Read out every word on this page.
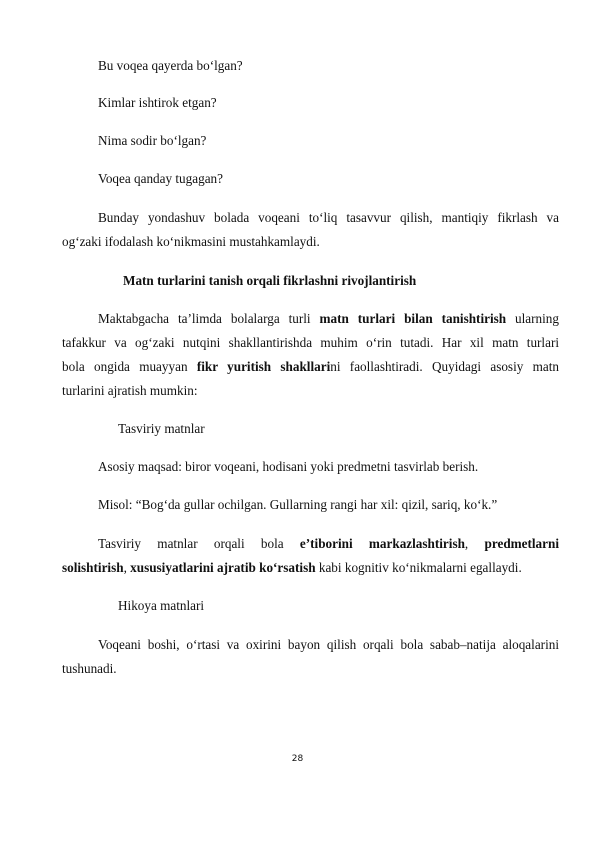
Bu voqea qayerda bo‘lgan?
Kimlar ishtirok etgan?
Nima sodir bo‘lgan?
Voqea qanday tugagan?
Bunday yondashuv bolada voqeani to‘liq tasavvur qilish, mantiqiy fikrlash va
og‘zaki ifodalash ko‘nikmasini mustahkamlaydi.
Matn turlarini tanish orqali fikrlashni rivojlantirish
Maktabgacha ta’limda bolalarga turli matn turlari bilan tanishtirish ularning
tafakkur va og‘zaki nutqini shakllantirishda muhim o‘rin tutadi. Har xil matn turlari
bola ongida muayyan fikr yuritish shakllarini faollashtiradi. Quyidagi asosiy matn
turlarini ajratish mumkin:
Tasviriy matnlar
Asosiy maqsad: biror voqeani, hodisani yoki predmetni tasvirlab berish.
Misol: “Bog‘da gullar ochilgan. Gullarning rangi har xil: qizil, sariq, ko‘k.”
Tasviriy matnlar orqali bola e’tiborini markazlashtirish, predmetlarni
solishtirish, xususiyatlarini ajratib ko‘rsatish kabi kognitiv ko‘nikmalarni egallaydi.
Hikoya matnlari
Voqeani boshi, o‘rtasi va oxirini bayon qilish orqali bola sabab–natija aloqalarini
tushunadi.
28
